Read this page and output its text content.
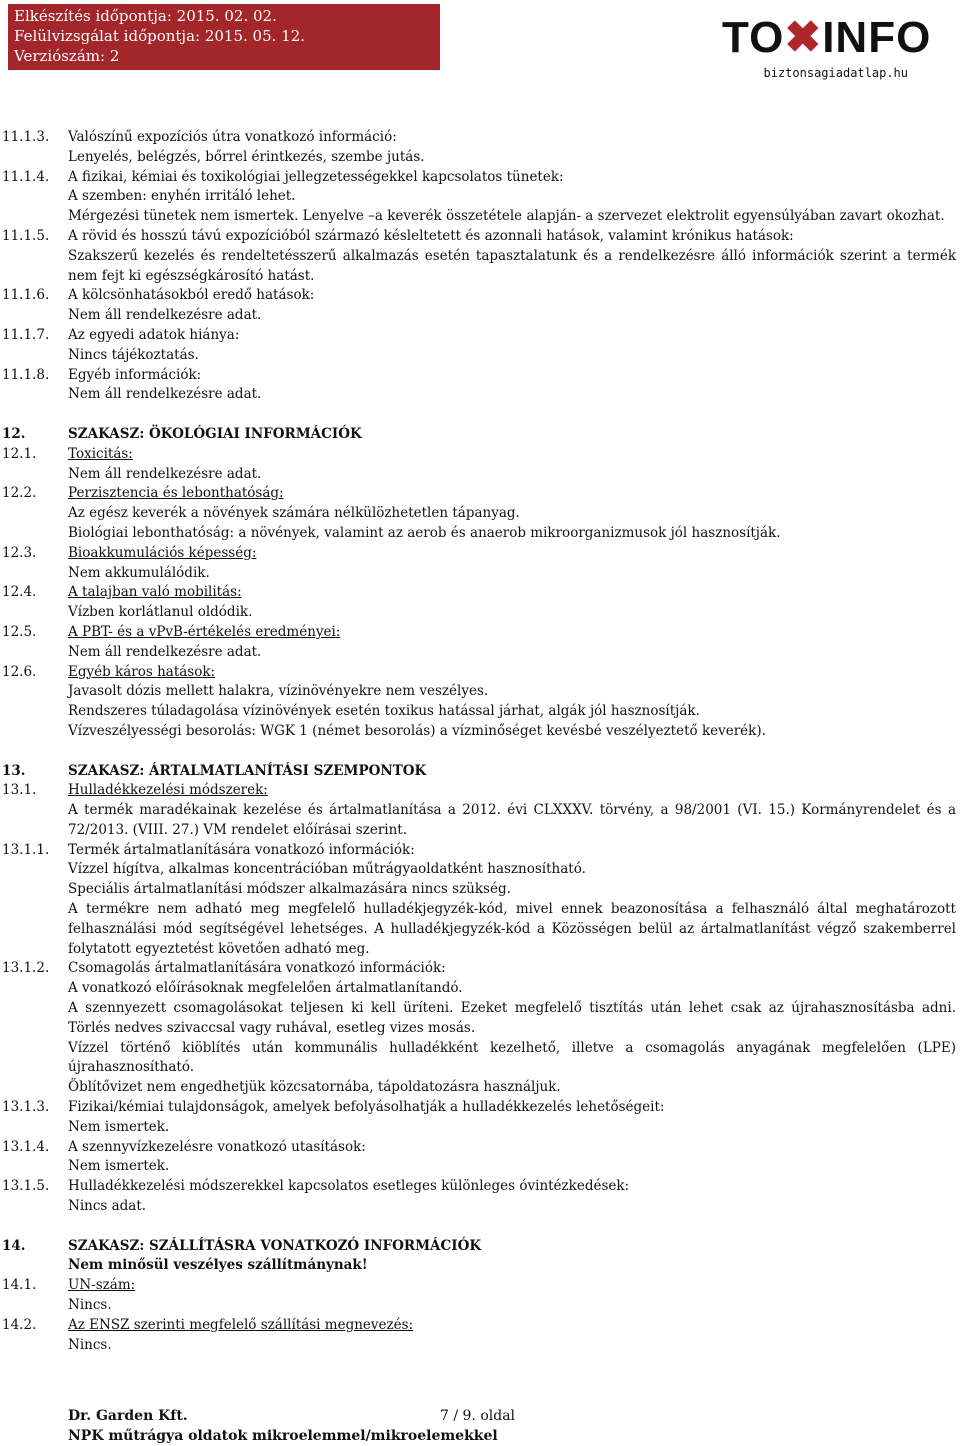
Elkészítés időpontja: 2015. 02. 02.
Felülvizsgálat időpontja: 2015. 05. 12.
Verziószám: 2	TO✖INFO
biztonsagiadatlap.hu
11.1.3.	Valószínű expozíciós útra vonatkozó információ:
Lenyelés, belégzés, bőrrel érintkezés, szembe jutás.
11.1.4.	A fizikai, kémiai és toxikológiai jellegzetességekkel kapcsolatos tünetek:
A szemben: enyhén irritáló lehet.
Mérgezési tünetek nem ismertek. Lenyelve –a keverék összetétele alapján- a szervezet elektrolit egyensúlyában zavart okozhat.
11.1.5.	A rövid és hosszú távú expozícióból származó késleltetett és azonnali hatások, valamint krónikus hatások:
Szakszerű kezelés és rendeltetésszerű alkalmazás esetén tapasztalatunk és a rendelkezésre álló információk szerint a termék nem fejt ki egészségkárosító hatást.
11.1.6.	A kölcsönhatásokból eredő hatások:
Nem áll rendelkezésre adat.
11.1.7.	Az egyedi adatok hiánya:
Nincs tájékoztatás.
11.1.8.	Egyéb információk:
Nem áll rendelkezésre adat.
12.	SZAKASZ: ÖKOLÓGIAI INFORMÁCIÓK
12.1.	Toxicitás:
Nem áll rendelkezésre adat.
12.2.	Perzisztencia és lebonthatóság:
Az egész keverék a növények számára nélkülözhetetlen tápanyag.
Biológiai lebonthatóság: a növények, valamint az aerob és anaerob mikroorganizmusok jól hasznosítják.
12.3.	Bioakkumulációs képesség:
Nem akkumulálódik.
12.4.	A talajban való mobilitás:
Vízben korlátlanul oldódik.
12.5.	A PBT- és a vPvB-értékelés eredményei:
Nem áll rendelkezésre adat.
12.6.	Egyéb káros hatások:
Javasolt dózis mellett halakra, vízinövényekre nem veszélyes.
Rendszeres túladagolása vízinövények esetén toxikus hatással járhat, algák jól hasznosítják.
Vízveszélyességi besorolás: WGK 1 (német besorolás) a vízminőséget kevésbé veszélyeztető keverék).
13.	SZAKASZ: ÁRTALMATLANÍTÁSI SZEMPONTOK
13.1.	Hulladékkezelési módszerek:
A termék maradékainak kezelése és ártalmatlanítása a 2012. évi CLXXXV. törvény, a 98/2001 (VI. 15.) Kormányrendelet és a 72/2013. (VIII. 27.) VM rendelet előírásai szerint.
13.1.1.	Termék ártalmatlanítására vonatkozó információk:
Vízzel hígítva, alkalmas koncentrációban műtrágyaoldatként hasznosítható.
Speciális ártalmatlanítási módszer alkalmazására nincs szükség.
A termékre nem adható meg megfelelő hulladékjegyzék-kód, mivel ennek beazonosítása a felhasználó által meghatározott felhasználási mód segítségével lehetséges. A hulladékjegyzék-kód a Közösségen belül az ártalmatlanítást végző szakemberrel folytatott egyeztetést követően adható meg.
13.1.2.	Csomagolás ártalmatlanítására vonatkozó információk:
A vonatkozó előírásoknak megfelelően ártalmatlanítandó.
A szennyezett csomagolásokat teljesen ki kell üríteni. Ezeket megfelelő tisztítás után lehet csak az újrahasznosításba adni. Törlés nedves szivaccsal vagy ruhával, esetleg vizes mosás.
Vízzel történő kiöblítés után kommunális hulladékként kezelhető, illetve a csomagolás anyagának megfelelően (LPE) újrahasznosítható.
Öblítővizet nem engedhetjük közcsatornába, tápoldatozásra használjuk.
13.1.3.	Fizikai/kémiai tulajdonságok, amelyek befolyásolhatják a hulladékkezelés lehetőségeit:
Nem ismertek.
13.1.4.	A szennyvízkezelésre vonatkozó utasítások:
Nem ismertek.
13.1.5.	Hulladékkezelési módszerekkel kapcsolatos esetleges különleges óvintézkedések:
Nincs adat.
14.	SZAKASZ: SZÁLLÍTÁSRA VONATKOZÓ INFORMÁCIÓK
Nem minősül veszélyes szállítmánynak!
14.1.	UN-szám:
Nincs.
14.2.	Az ENSZ szerinti megfelelő szállítási megnevezés:
Nincs.
Dr. Garden Kft.	7 / 9. oldal
NPK műtrágya oldatok mikroelemmel/mikroelemekkel
